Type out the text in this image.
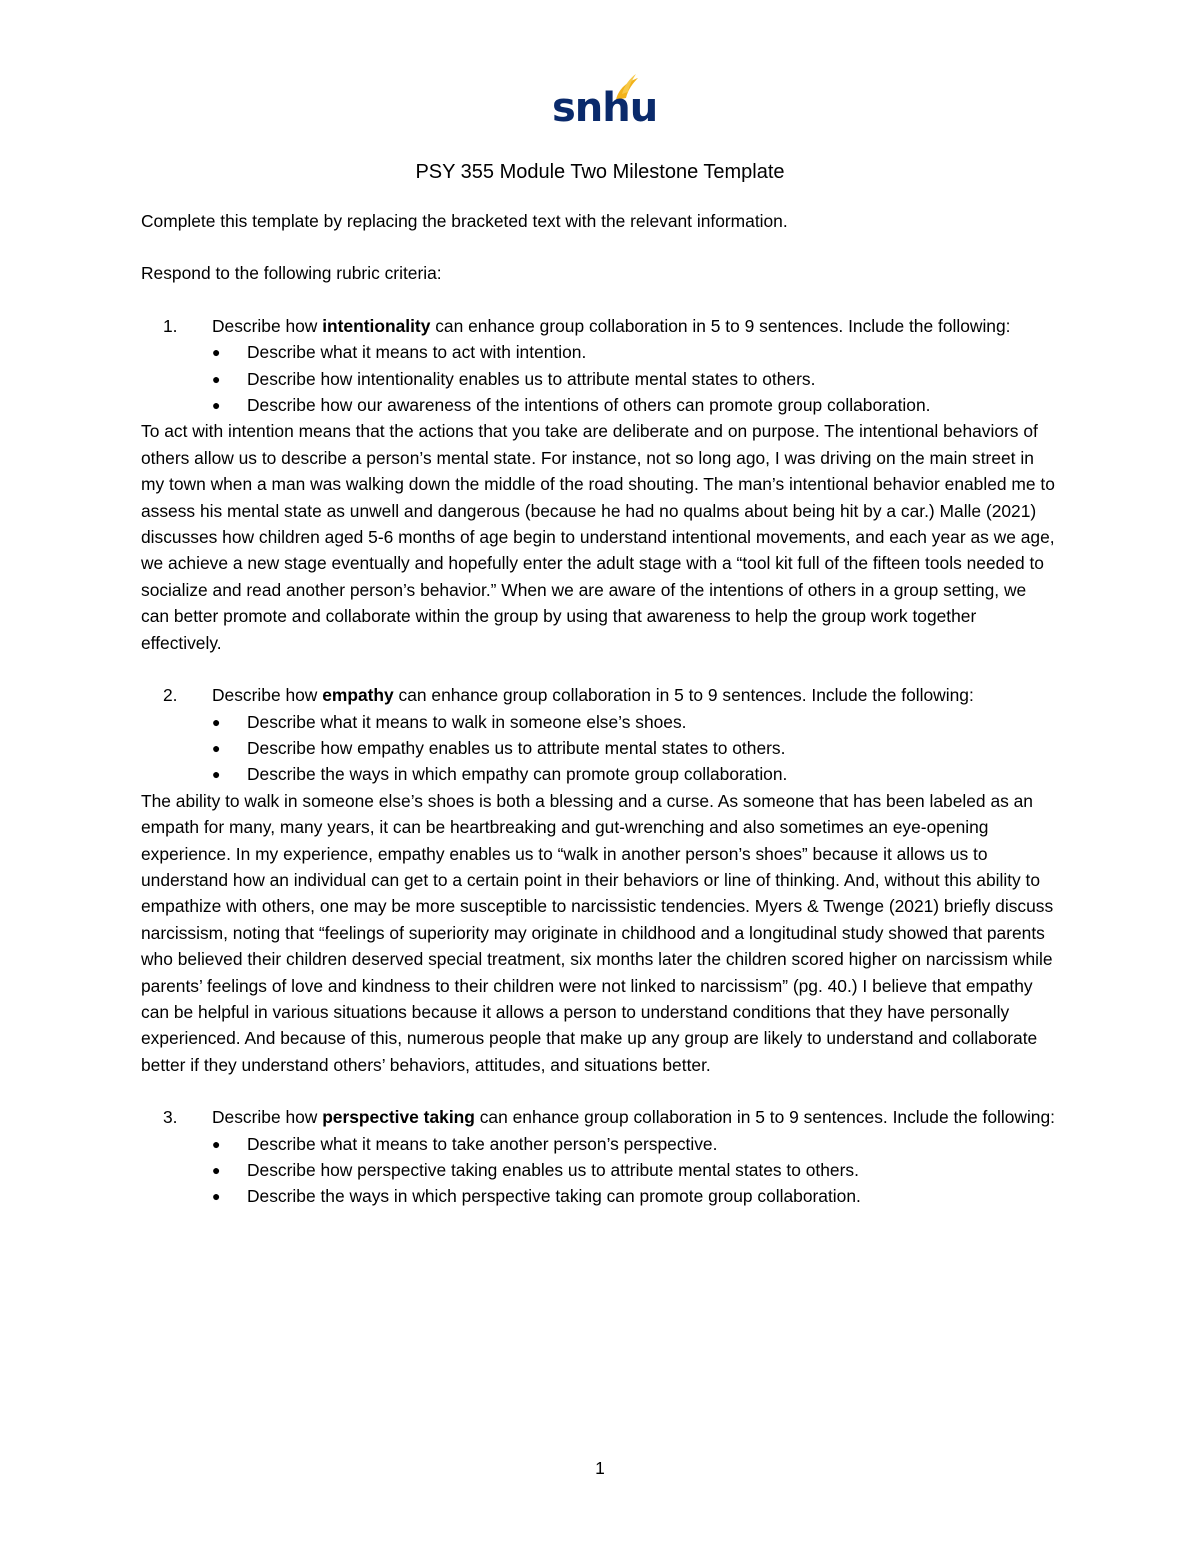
snhu
PSY 355 Module Two Milestone Template

Complete this template by replacing the bracketed text with the relevant information.

Respond to the following rubric criteria:

1. Describe how intentionality can enhance group collaboration in 5 to 9 sentences. Include the following:
● Describe what it means to act with intention.
● Describe how intentionality enables us to attribute mental states to others.
● Describe how our awareness of the intentions of others can promote group collaboration.

To act with intention means that the actions that you take are deliberate and on purpose. The intentional behaviors of others allow us to describe a person’s mental state. For instance, not so long ago, I was driving on the main street in my town when a man was walking down the middle of the road shouting. The man’s intentional behavior enabled me to assess his mental state as unwell and dangerous (because he had no qualms about being hit by a car.) Malle (2021) discusses how children aged 5-6 months of age begin to understand intentional movements, and each year as we age, we achieve a new stage eventually and hopefully enter the adult stage with a “tool kit full of the fifteen tools needed to socialize and read another person’s behavior.” When we are aware of the intentions of others in a group setting, we can better promote and collaborate within the group by using that awareness to help the group work together effectively.

2. Describe how empathy can enhance group collaboration in 5 to 9 sentences. Include the following:
● Describe what it means to walk in someone else’s shoes.
● Describe how empathy enables us to attribute mental states to others.
● Describe the ways in which empathy can promote group collaboration.

The ability to walk in someone else’s shoes is both a blessing and a curse. As someone that has been labeled as an empath for many, many years, it can be heartbreaking and gut-wrenching and also sometimes an eye-opening experience. In my experience, empathy enables us to “walk in another person’s shoes” because it allows us to understand how an individual can get to a certain point in their behaviors or line of thinking. And, without this ability to empathize with others, one may be more susceptible to narcissistic tendencies. Myers & Twenge (2021) briefly discuss narcissism, noting that “feelings of superiority may originate in childhood and a longitudinal study showed that parents who believed their children deserved special treatment, six months later the children scored higher on narcissism while parents’ feelings of love and kindness to their children were not linked to narcissism” (pg. 40.) I believe that empathy can be helpful in various situations because it allows a person to understand conditions that they have personally experienced. And because of this, numerous people that make up any group are likely to understand and collaborate better if they understand others’ behaviors, attitudes, and situations better.

3. Describe how perspective taking can enhance group collaboration in 5 to 9 sentences. Include the following:
● Describe what it means to take another person’s perspective.
● Describe how perspective taking enables us to attribute mental states to others.
● Describe the ways in which perspective taking can promote group collaboration.
1
